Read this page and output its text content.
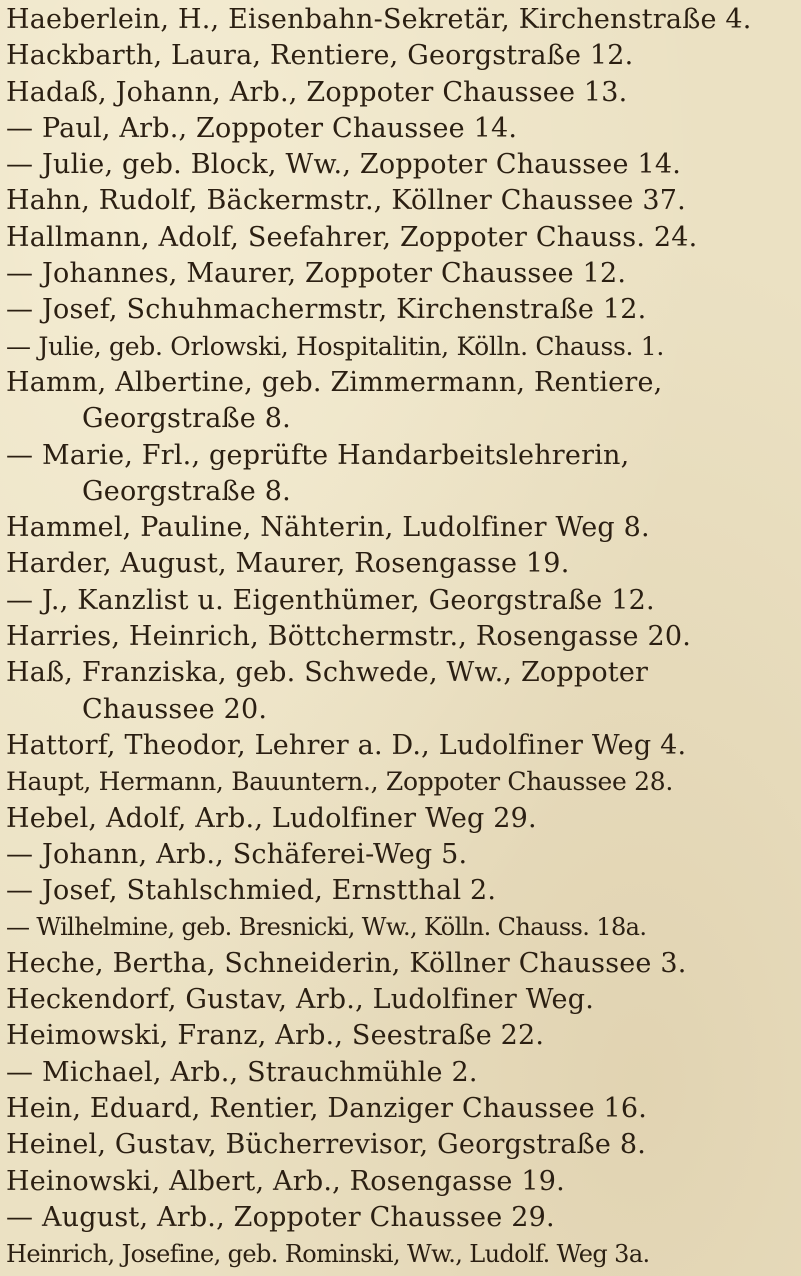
Haeberlein, H., Eisenbahn-Sekretär, Kirchenstraße 4.
Hackbarth, Laura, Rentiere, Georgstraße 12.
Hadaß, Johann, Arb., Zoppoter Chaussee 13.
— Paul, Arb., Zoppoter Chaussee 14.
— Julie, geb. Block, Ww., Zoppoter Chaussee 14.
Hahn, Rudolf, Bäckermstr., Köllner Chaussee 37.
Hallmann, Adolf, Seefahrer, Zoppoter Chauss. 24.
— Johannes, Maurer, Zoppoter Chaussee 12.
— Josef, Schuhmachermstr, Kirchenstraße 12.
— Julie, geb. Orlowski, Hospitalitin, Kölln. Chauss. 1.
Hamm, Albertine, geb. Zimmermann, Rentiere,
Georgstraße 8.
— Marie, Frl., geprüfte Handarbeitslehrerin,
Georgstraße 8.
Hammel, Pauline, Nähterin, Ludolfiner Weg 8.
Harder, August, Maurer, Rosengasse 19.
— J., Kanzlist u. Eigenthümer, Georgstraße 12.
Harries, Heinrich, Böttchermstr., Rosengasse 20.
Haß, Franziska, geb. Schwede, Ww., Zoppoter
Chaussee 20.
Hattorf, Theodor, Lehrer a. D., Ludolfiner Weg 4.
Haupt, Hermann, Bauuntern., Zoppoter Chaussee 28.
Hebel, Adolf, Arb., Ludolfiner Weg 29.
— Johann, Arb., Schäferei-Weg 5.
— Josef, Stahlschmied, Ernstthal 2.
— Wilhelmine, geb. Bresnicki, Ww., Kölln. Chauss. 18a.
Heche, Bertha, Schneiderin, Köllner Chaussee 3.
Heckendorf, Gustav, Arb., Ludolfiner Weg.
Heimowski, Franz, Arb., Seestraße 22.
— Michael, Arb., Strauchmühle 2.
Hein, Eduard, Rentier, Danziger Chaussee 16.
Heinel, Gustav, Bücherrevisor, Georgstraße 8.
Heinowski, Albert, Arb., Rosengasse 19.
— August, Arb., Zoppoter Chaussee 29.
Heinrich, Josefine, geb. Rominski, Ww., Ludolf. Weg 3a.
